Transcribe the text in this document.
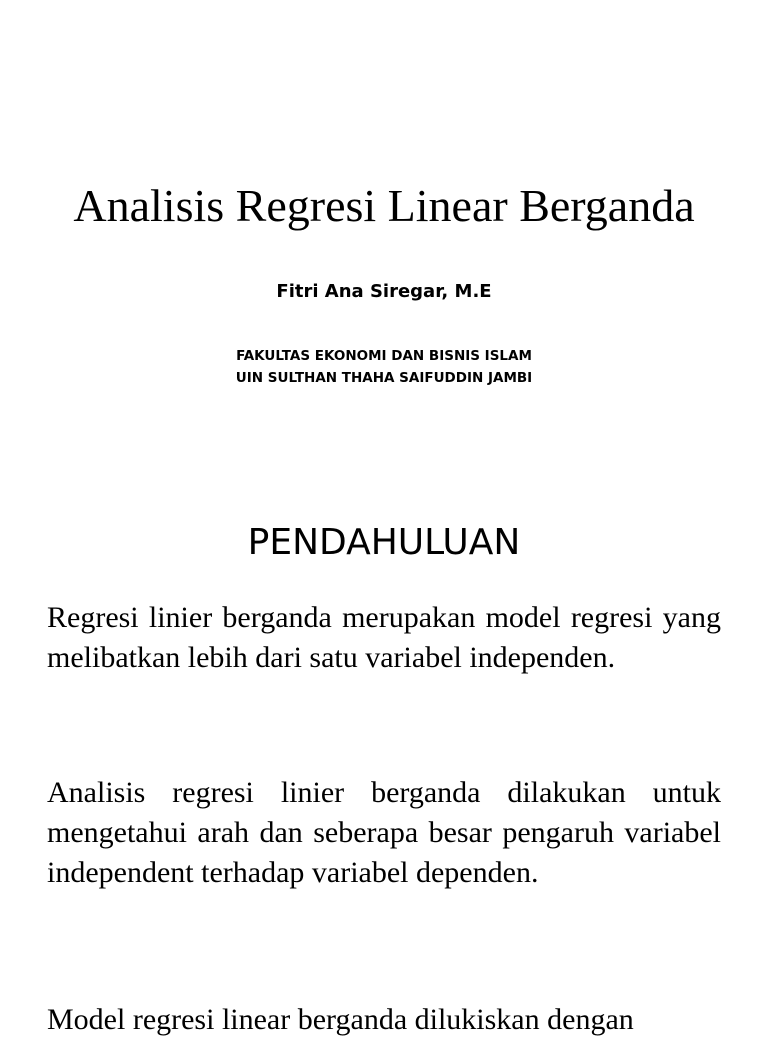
Analisis Regresi Linear Berganda
Fitri Ana Siregar, M.E
FAKULTAS EKONOMI DAN BISNIS ISLAM
UIN SULTHAN THAHA SAIFUDDIN JAMBI
PENDAHULUAN

Regresi linier berganda merupakan model regresi yang melibatkan lebih dari satu variabel independen.

Analisis regresi linier berganda dilakukan untuk mengetahui arah dan seberapa besar pengaruh variabel independent terhadap variabel dependen.

Model regresi linear berganda dilukiskan dengan
